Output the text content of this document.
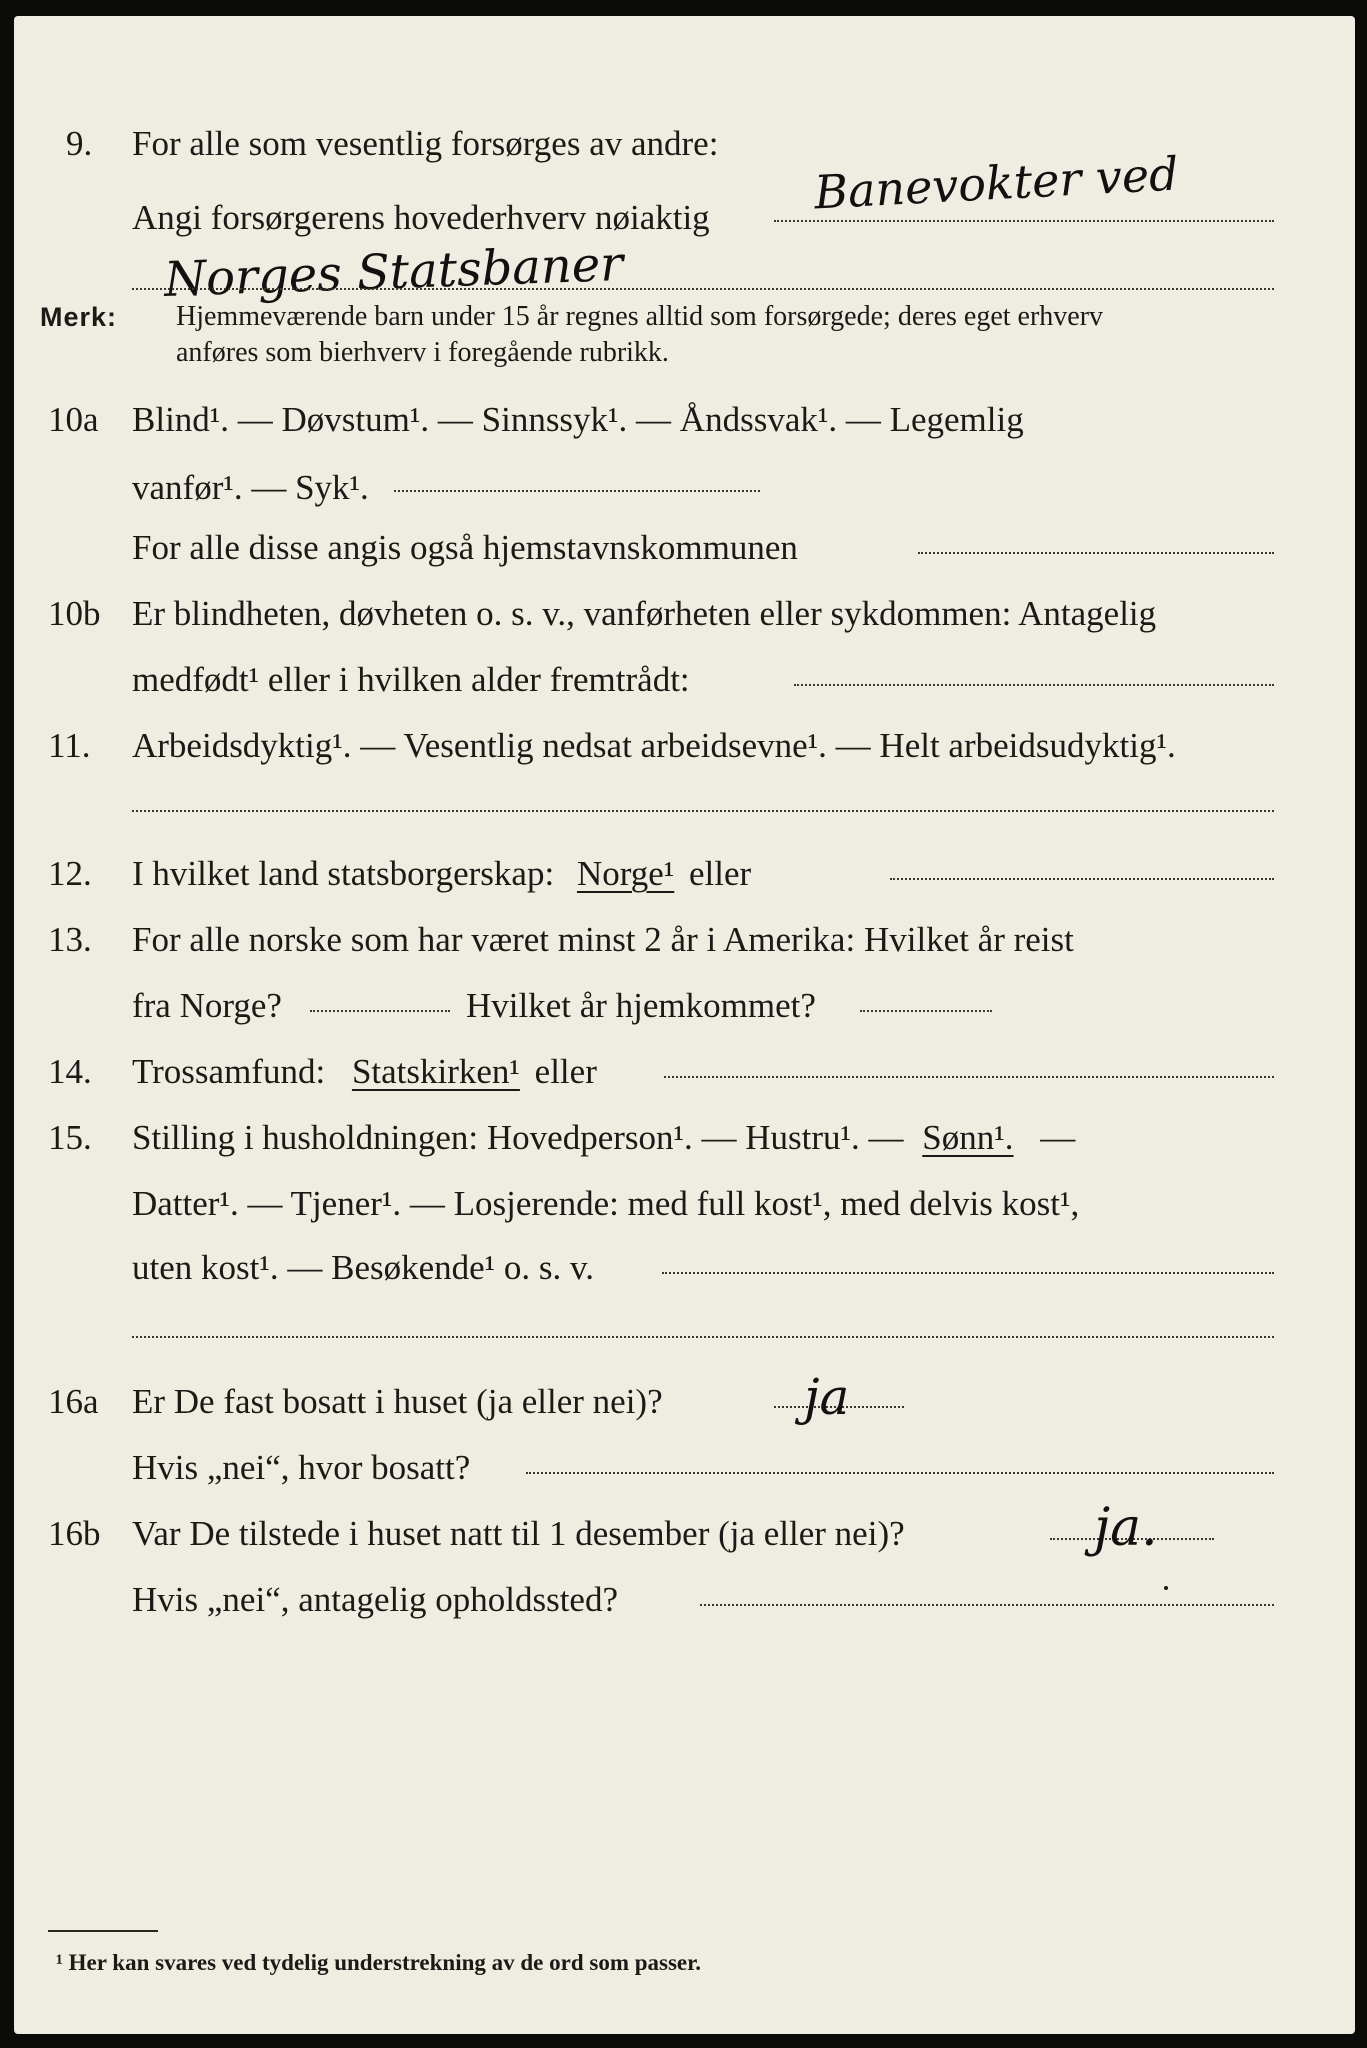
9. For alle som vesentlig forsørges av andre:
Banevokter ved
Angi forsørgerens hovederhverv nøiaktig
Norges Statsbaner
Merk: Hjemmeværende barn under 15 år regnes alltid som forsørgede; deres eget erhverv
anføres som bierhverv i foregående rubrikk.
10a Blind¹. — Døvstum¹. — Sinnssyk¹. — Åndssvak¹. — Legemlig
vanfør¹. — Syk¹.
For alle disse angis også hjemstavnskommunen
10b Er blindheten, døvheten o. s. v., vanførheten eller sykdommen: Antagelig
medfødt¹ eller i hvilken alder fremtrådt:
11. Arbeidsdyktig¹. — Vesentlig nedsat arbeidsevne¹. — Helt arbeidsudyktig¹.
12. I hvilket land statsborgerskap: Norge¹ eller
13. For alle norske som har været minst 2 år i Amerika: Hvilket år reist
fra Norge?	Hvilket år hjemkommet?
14. Trossamfund: Statskirken¹ eller
15. Stilling i husholdningen: Hovedperson¹. — Hustru¹. — Sønn¹. —
Datter¹. — Tjener¹. — Losjerende: med full kost¹, med delvis kost¹,
uten kost¹. — Besøkende¹ o. s. v.
16a Er De fast bosatt i huset (ja eller nei)?	ja
Hvis „nei“, hvor bosatt?
16b Var De tilstede i huset natt til 1 desember (ja eller nei)?	ja.
Hvis „nei“, antagelig opholdssted?
¹ Her kan svares ved tydelig understrekning av de ord som passer.
